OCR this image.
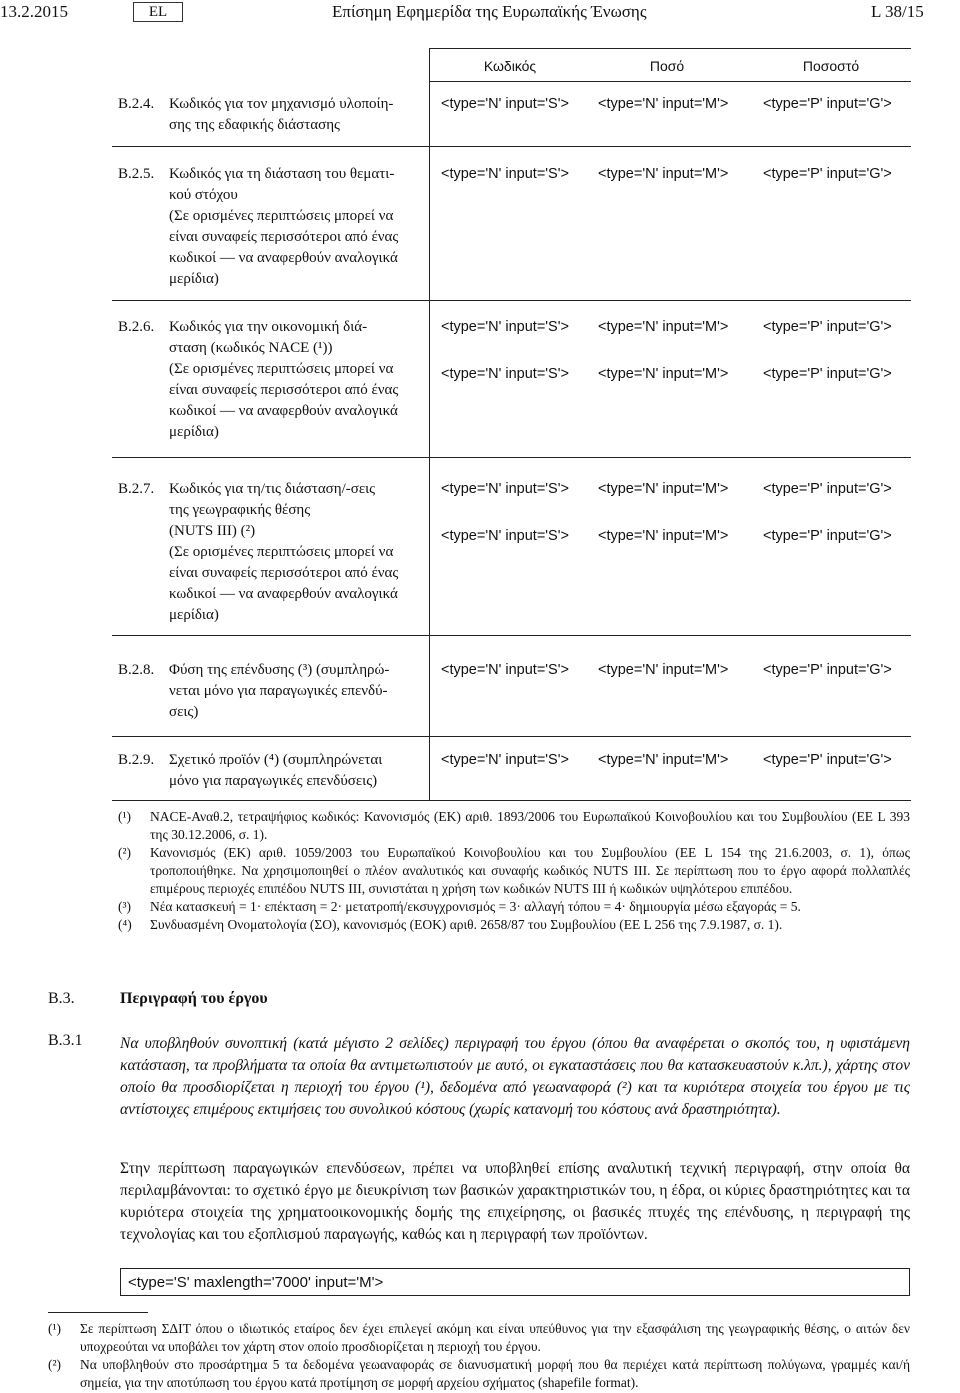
13.2.2015	EL	Επίσημη Εφημερίδα της Ευρωπαϊκής Ένωσης	L 38/15
Κωδικός	Ποσό	Ποσοστό
B.2.4. Κωδικός για τον μηχανισμό υλοποίη-
σης της εδαφικής διάστασης
<type='N' input='S'> <type='N' input='M'> <type='P' input='G'>
B.2.5. Κωδικός για τη διάσταση του θεματι-
κού στόχου
(Σε ορισμένες περιπτώσεις μπορεί να
είναι συναφείς περισσότεροι από ένας
κωδικοί — να αναφερθούν αναλογικά
μερίδια)
<type='N' input='S'> <type='N' input='M'> <type='P' input='G'>
B.2.6. Κωδικός για την οικονομική διά-
σταση (κωδικός NACE (¹))
(Σε ορισμένες περιπτώσεις μπορεί να
είναι συναφείς περισσότεροι από ένας
κωδικοί — να αναφερθούν αναλογικά
μερίδια)
<type='N' input='S'> <type='N' input='M'> <type='P' input='G'>
<type='N' input='S'> <type='N' input='M'> <type='P' input='G'>
B.2.7. Κωδικός για τη/τις διάσταση/-σεις
της γεωγραφικής θέσης
(NUTS III) (²)
(Σε ορισμένες περιπτώσεις μπορεί να
είναι συναφείς περισσότεροι από ένας
κωδικοί — να αναφερθούν αναλογικά
μερίδια)
<type='N' input='S'> <type='N' input='M'> <type='P' input='G'>
<type='N' input='S'> <type='N' input='M'> <type='P' input='G'>
B.2.8. Φύση της επένδυσης (³) (συμπληρώ-
νεται μόνο για παραγωγικές επενδύ-
σεις)
<type='N' input='S'> <type='N' input='M'> <type='P' input='G'>
B.2.9. Σχετικό προϊόν (⁴) (συμπληρώνεται
μόνο για παραγωγικές επενδύσεις)
<type='N' input='S'> <type='N' input='M'> <type='P' input='G'>
(¹) NACE-Αναθ.2, τετραψήφιος κωδικός: Κανονισμός (ΕΚ) αριθ. 1893/2006 του Ευρωπαϊκού Κοινοβουλίου και του Συμβουλίου (ΕΕ L 393 της 30.12.2006, σ. 1).
(²) Κανονισμός (ΕΚ) αριθ. 1059/2003 του Ευρωπαϊκού Κοινοβουλίου και του Συμβουλίου (ΕΕ L 154 της 21.6.2003, σ. 1), όπως τροποποιήθηκε. Να χρησιμοποιηθεί ο πλέον αναλυτικός και συναφής κωδικός NUTS III. Σε περίπτωση που το έργο αφορά πολλαπλές επιμέρους περιοχές επιπέδου NUTS III, συνιστάται η χρήση των κωδικών NUTS III ή κωδικών υψηλότερου επιπέδου.
(³) Νέα κατασκευή = 1· επέκταση = 2· μετατροπή/εκσυγχρονισμός = 3· αλλαγή τόπου = 4· δημιουργία μέσω εξαγοράς = 5.
(⁴) Συνδυασμένη Ονοματολογία (ΣΟ), κανονισμός (ΕΟΚ) αριθ. 2658/87 του Συμβουλίου (ΕΕ L 256 της 7.9.1987, σ. 1).
B.3.	Περιγραφή του έργου
B.3.1 Να υποβληθούν συνοπτική (κατά μέγιστο 2 σελίδες) περιγραφή του έργου (όπου θα αναφέρεται ο σκοπός του, η υφιστάμενη κατάσταση, τα προβλήματα τα οποία θα αντιμετωπιστούν με αυτό, οι εγκαταστάσεις που θα κατασκευαστούν κ.λπ.), χάρτης στον οποίο θα προσδιορίζεται η περιοχή του έργου (¹), δεδομένα από γεωαναφορά (²) και τα κυριότερα στοιχεία του έργου με τις αντίστοιχες επιμέρους εκτιμήσεις του συνολικού κόστους (χωρίς κατανομή του κόστους ανά δραστηριότητα).
Στην περίπτωση παραγωγικών επενδύσεων, πρέπει να υποβληθεί επίσης αναλυτική τεχνική περιγραφή, στην οποία θα περιλαμβάνονται: το σχετικό έργο με διευκρίνιση των βασικών χαρακτηριστικών του, η έδρα, οι κύριες δραστηριότητες και τα κυριότερα στοιχεία της χρηματοοικονομικής δομής της επιχείρησης, οι βασικές πτυχές της επένδυσης, η περιγραφή της τεχνολογίας και του εξοπλισμού παραγωγής, καθώς και η περιγραφή των προϊόντων.
<type='S' maxlength='7000' input='M'>
(¹) Σε περίπτωση ΣΔΙΤ όπου ο ιδιωτικός εταίρος δεν έχει επιλεγεί ακόμη και είναι υπεύθυνος για την εξασφάλιση της γεωγραφικής θέσης, ο αιτών δεν υποχρεούται να υποβάλει τον χάρτη στον οποίο προσδιορίζεται η περιοχή του έργου.
(²) Να υποβληθούν στο προσάρτημα 5 τα δεδομένα γεωαναφοράς σε διανυσματική μορφή που θα περιέχει κατά περίπτωση πολύγωνα, γραμμές και/ή σημεία, για την αποτύπωση του έργου κατά προτίμηση σε μορφή αρχείου σχήματος (shapefile format).
